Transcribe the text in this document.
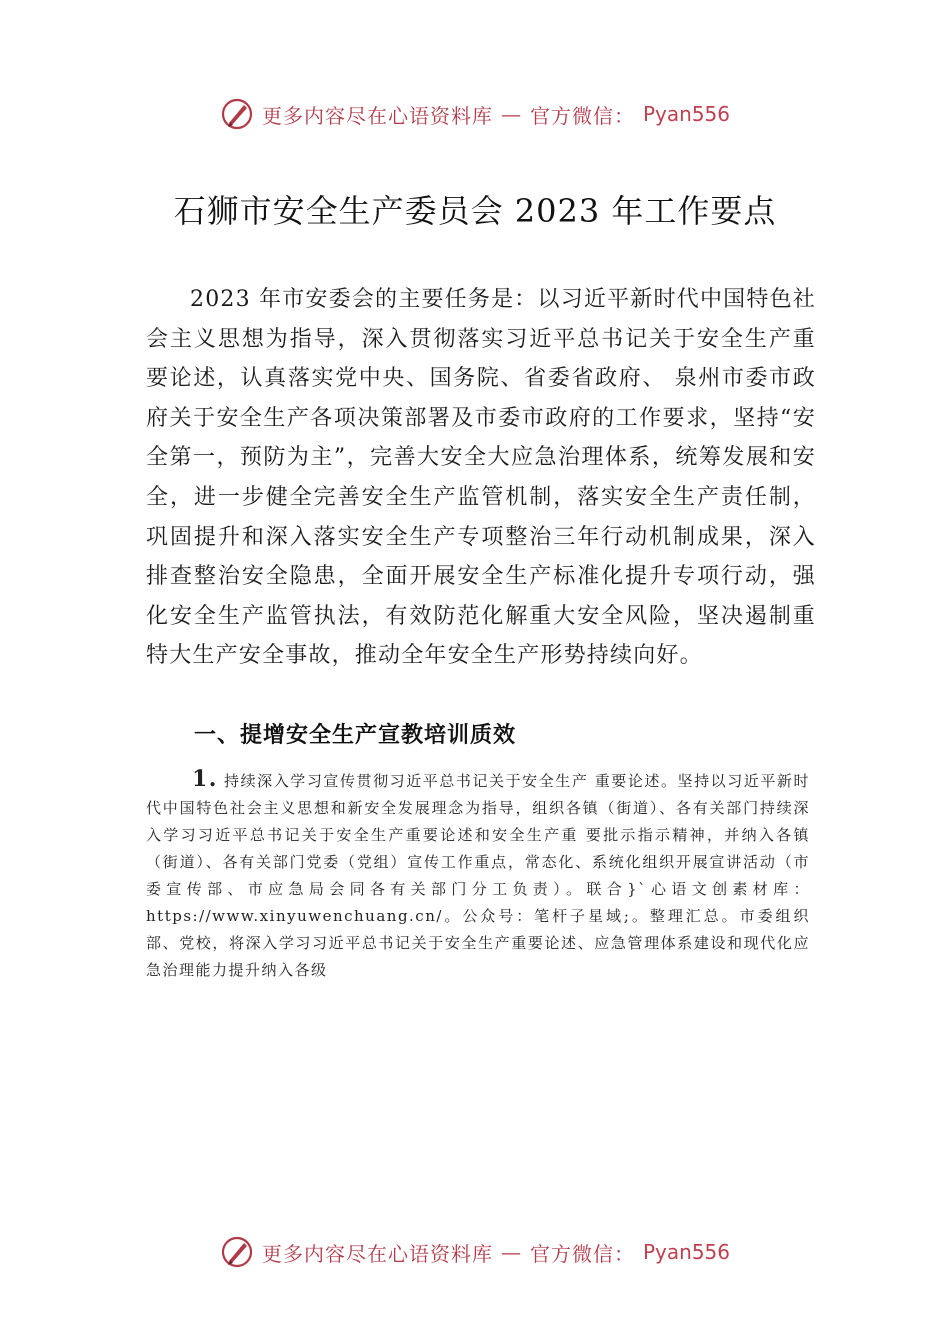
更多内容尽在心语资料库 — 官方微信： Pyan556
石狮市安全生产委员会 2023 年工作要点

2023 年市安委会的主要任务是：以习近平新时代中国特色社会主义思想为指导，深入贯彻落实习近平总书记关于安全生产重要论述，认真落实党中央、国务院、省委省政府、 泉州市委市政府关于安全生产各项决策部署及市委市政府的工作要求，坚持“安全第一，预防为主”，完善大安全大应急治理体系，统筹发展和安全，进一步健全完善安全生产监管机制，落实安全生产责任制，巩固提升和深入落实安全生产专项整治三年行动机制成果，深入排查整治安全隐患，全面开展安全生产标准化提升专项行动，强化安全生产监管执法，有效防范化解重大安全风险，坚决遏制重特大生产安全事故，推动全年安全生产形势持续向好。

一、提增安全生产宣教培训质效

1. 持续深入学习宣传贯彻习近平总书记关于安全生产 重要论述。坚持以习近平新时代中国特色社会主义思想和新安全发展理念为指导，组织各镇（街道）、各有关部门持续深入学习习近平总书记关于安全生产重要论述和安全生产重 要批示指示精神，并纳入各镇（街道）、各有关部门党委（党组）宣传工作重点，常态化、系统化组织开展宣讲活动（市委宣传部、市应急局会同各有关部门分工负责）。联合}`心语文创素材库：https://www.xinyuwenchuang.cn/。公众号：笔杆子星域;。整理汇总。市委组织部、党校，将深入学习习近平总书记关于安全生产重要论述、应急管理体系建设和现代化应急治理能力提升纳入各级

更多内容尽在心语资料库 — 官方微信： Pyan556
